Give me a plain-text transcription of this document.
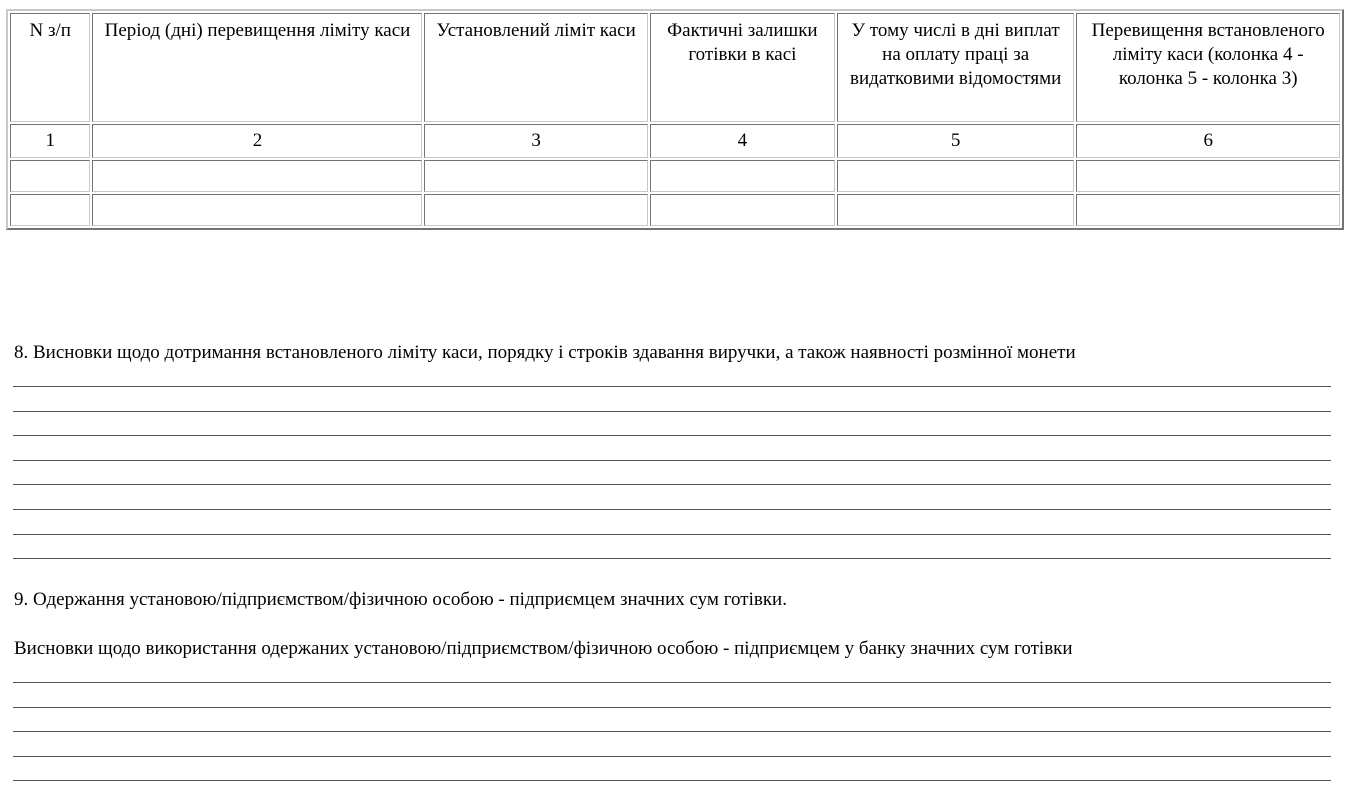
N з/п	Період (дні) перевищення ліміту каси	Установлений ліміт каси	Фактичні залишки готівки в касі	У тому числі в дні виплат на оплату праці за видатковими відомостями	Перевищення встановленого ліміту каси (колонка 4 - колонка 5 - колонка 3)
1	2	3	4	5	6

8. Висновки щодо дотримання встановленого ліміту каси, порядку і строків здавання виручки, а також наявності розмінної монети
9. Одержання установою/підприємством/фізичною особою - підприємцем значних сум готівки.
Висновки щодо використання одержаних установою/підприємством/фізичною особою - підприємцем у банку значних сум готівки
